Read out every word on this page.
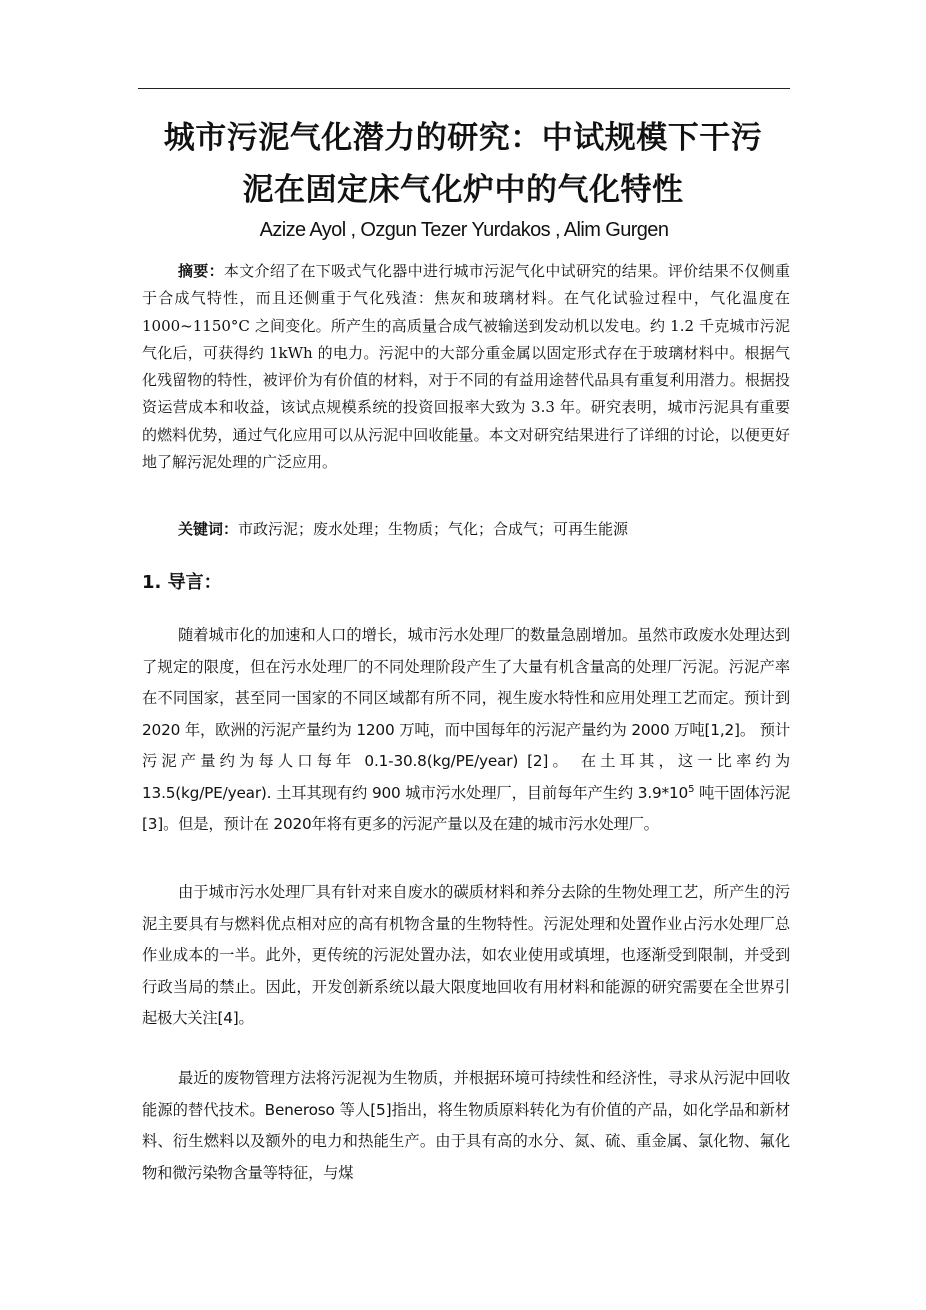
城市污泥气化潜力的研究：中试规模下干污
泥在固定床气化炉中的气化特性
Azize Ayol , Ozgun Tezer Yurdakos , Alim Gurgen

摘要：本文介绍了在下吸式气化器中进行城市污泥气化中试研究的结果。评价结果不仅侧重于合成气特性，而且还侧重于气化残渣：焦灰和玻璃材料。在气化试验过程中，气化温度在 1000~1150°C 之间变化。所产生的高质量合成气被输送到发动机以发电。约 1.2 千克城市污泥气化后，可获得约 1kWh 的电力。污泥中的大部分重金属以固定形式存在于玻璃材料中。根据气化残留物的特性，被评价为有价值的材料，对于不同的有益用途替代品具有重复利用潜力。根据投资运营成本和收益，该试点规模系统的投资回报率大致为 3.3 年。研究表明，城市污泥具有重要的燃料优势，通过气化应用可以从污泥中回收能量。本文对研究结果进行了详细的讨论，以便更好地了解污泥处理的广泛应用。

关键词：市政污泥；废水处理；生物质；气化；合成气；可再生能源

1. 导言：

随着城市化的加速和人口的增长，城市污水处理厂的数量急剧增加。虽然市政废水处理达到了规定的限度，但在污水处理厂的不同处理阶段产生了大量有机含量高的处理厂污泥。污泥产率在不同国家，甚至同一国家的不同区域都有所不同，视生废水特性和应用处理工艺而定。预计到 2020 年，欧洲的污泥产量约为 1200 万吨，而中国每年的污泥产量约为 2000 万吨[1,2]。 预计污泥产量约为每人口每年 0.1-30.8(kg/PE/year) [2]。 在土耳其，这一比率约为 13.5(kg/PE/year). 土耳其现有约 900 城市污水处理厂，目前每年产生约 $3.9*10^5$ 吨干固体污泥[3]。但是，预计在 2020年将有更多的污泥产量以及在建的城市污水处理厂。

由于城市污水处理厂具有针对来自废水的碳质材料和养分去除的生物处理工艺，所产生的污泥主要具有与燃料优点相对应的高有机物含量的生物特性。污泥处理和处置作业占污水处理厂总作业成本的一半。此外，更传统的污泥处置办法，如农业使用或填埋，也逐渐受到限制，并受到行政当局的禁止。因此，开发创新系统以最大限度地回收有用材料和能源的研究需要在全世界引起极大关注[4]。

最近的废物管理方法将污泥视为生物质，并根据环境可持续性和经济性，寻求从污泥中回收能源的替代技术。Beneroso 等人[5]指出，将生物质原料转化为有价值的产品，如化学品和新材料、衍生燃料以及额外的电力和热能生产。由于具有高的水分、氮、硫、重金属、氯化物、氟化物和微污染物含量等特征，与煤
